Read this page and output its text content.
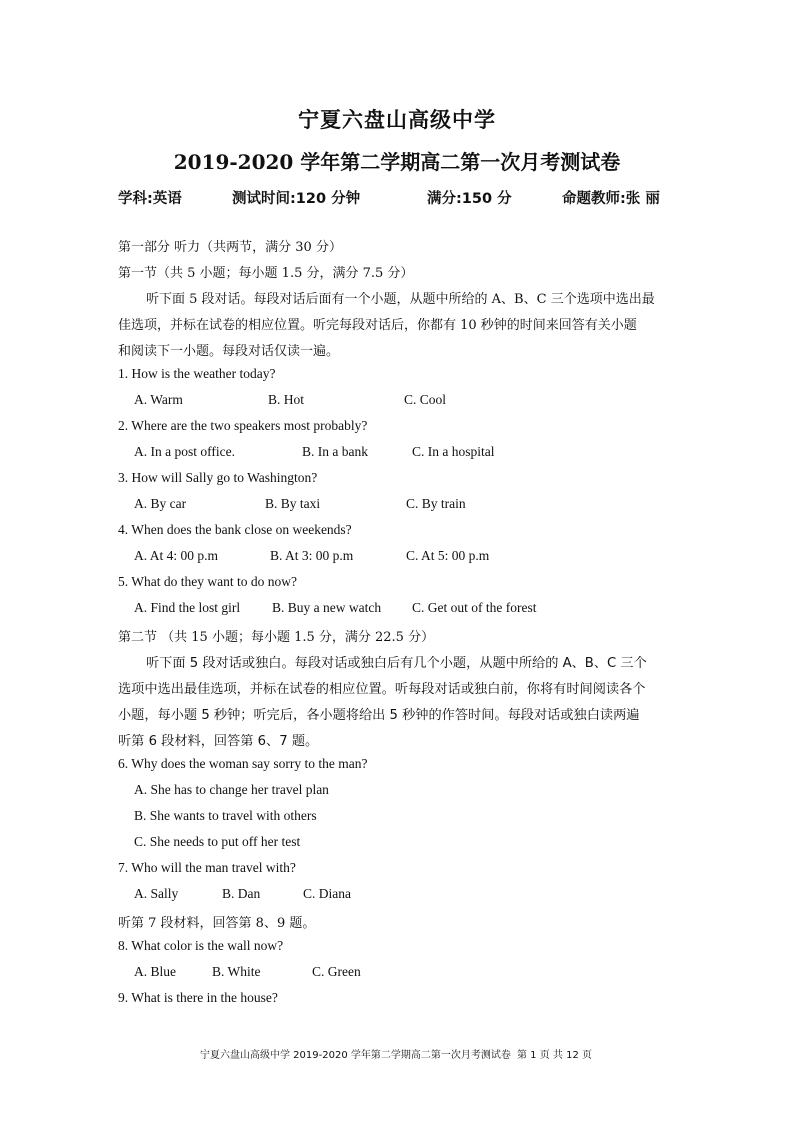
宁夏六盘山高级中学
2019-2020 学年第二学期高二第一次月考测试卷
学科:英语	测试时间:120 分钟	满分:150 分	命题教师:张 丽
第一部分 听力（共两节，满分 30 分）
第一节（共 5 小题；每小题 1.5 分，满分 7.5 分）
听下面 5 段对话。每段对话后面有一个小题，从题中所给的 A、B、C 三个选项中选出最
佳选项，并标在试卷的相应位置。听完每段对话后，你都有 10 秒钟的时间来回答有关小题
和阅读下一小题。每段对话仅读一遍。
1. How is the weather today?
A. Warm	B. Hot	C. Cool
2. Where are the two speakers most probably?
A. In a post office.	B. In a bank	C. In a hospital
3. How will Sally go to Washington?
A. By car	B. By taxi	C. By train
4. When does the bank close on weekends?
A. At 4: 00 p.m	B. At 3: 00 p.m	C. At 5: 00 p.m
5. What do they want to do now?
A. Find the lost girl B. Buy a new watch C. Get out of the forest
第二节 （共 15 小题；每小题 1.5 分，满分 22.5 分）
听下面 5 段对话或独白。每段对话或独白后有几个小题，从题中所给的 A、B、C 三个
选项中选出最佳选项，并标在试卷的相应位置。听每段对话或独白前，你将有时间阅读各个
小题，每小题 5 秒钟；听完后，各小题将给出 5 秒钟的作答时间。每段对话或独白读两遍
听第 6 段材料，回答第 6、7 题。
6. Why does the woman say sorry to the man?
A. She has to change her travel plan
B. She wants to travel with others
C. She needs to put off her test
7. Who will the man travel with?
A. Sally	B. Dan	C. Diana
听第 7 段材料，回答第 8、9 题。
8. What color is the wall now?
A. Blue	B. White	C. Green
9. What is there in the house?
宁夏六盘山高级中学 2019-2020 学年第二学期高二第一次月考测试卷 第 1 页 共 12 页
